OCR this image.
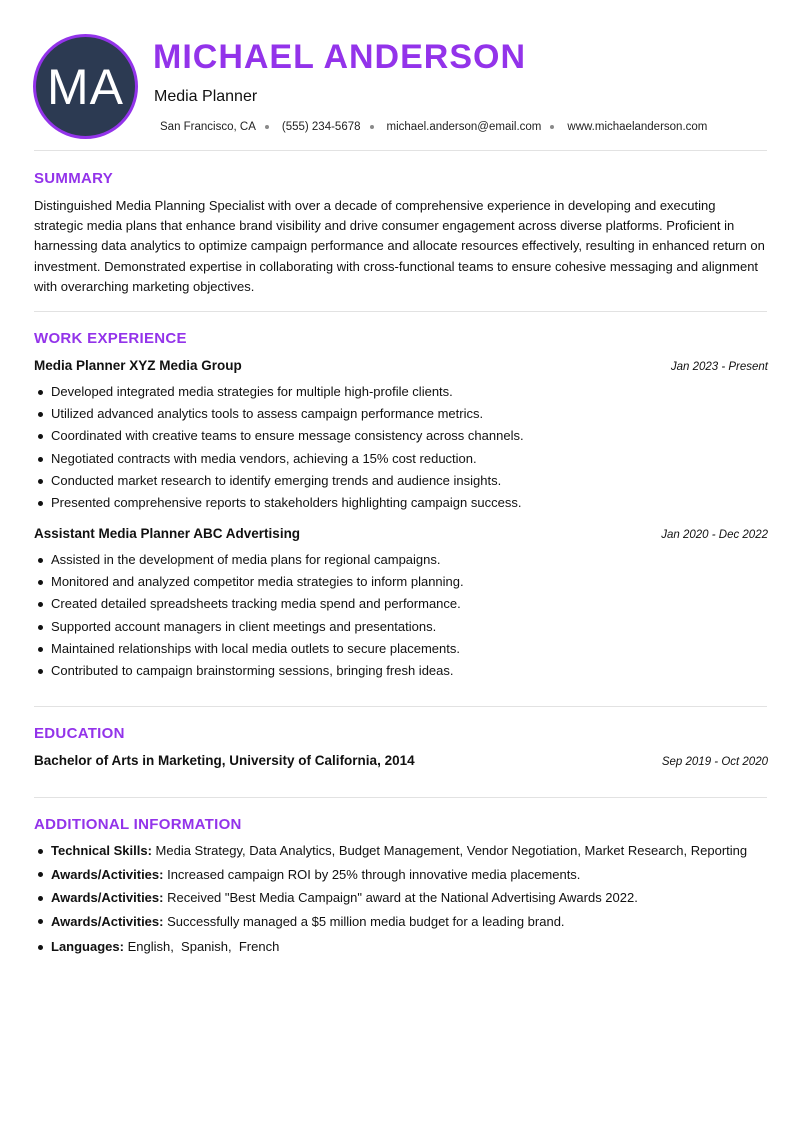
MA
MICHAEL ANDERSON
Media Planner
San Francisco, CA (555) 234-5678 michael.anderson@email.com www.michaelanderson.com
SUMMARY

Distinguished Media Planning Specialist with over a decade of comprehensive experience in developing and executing strategic media plans that enhance brand visibility and drive consumer engagement across diverse platforms. Proficient in harnessing data analytics to optimize campaign performance and allocate resources effectively, resulting in enhanced return on investment. Demonstrated expertise in collaborating with cross-functional teams to ensure cohesive messaging and alignment with overarching marketing objectives.

WORK EXPERIENCE
Media Planner XYZ Media Group	Jan 2023 - Present
Developed integrated media strategies for multiple high-profile clients.
Utilized advanced analytics tools to assess campaign performance metrics.
Coordinated with creative teams to ensure message consistency across channels.
Negotiated contracts with media vendors, achieving a 15% cost reduction.
Conducted market research to identify emerging trends and audience insights.
Presented comprehensive reports to stakeholders highlighting campaign success.
Assistant Media Planner ABC Advertising	Jan 2020 - Dec 2022
Assisted in the development of media plans for regional campaigns.
Monitored and analyzed competitor media strategies to inform planning.
Created detailed spreadsheets tracking media spend and performance.
Supported account managers in client meetings and presentations.
Maintained relationships with local media outlets to secure placements.
Contributed to campaign brainstorming sessions, bringing fresh ideas.
EDUCATION
Bachelor of Arts in Marketing, University of California, 2014	Sep 2019 - Oct 2020
ADDITIONAL INFORMATION
Technical Skills: Media Strategy, Data Analytics, Budget Management, Vendor Negotiation, Market Research, Reporting
Awards/Activities: Increased campaign ROI by 25% through innovative media placements.
Awards/Activities: Received "Best Media Campaign" award at the National Advertising Awards 2022.
Awards/Activities: Successfully managed a $5 million media budget for a leading brand.
Languages: English,  Spanish,  French
